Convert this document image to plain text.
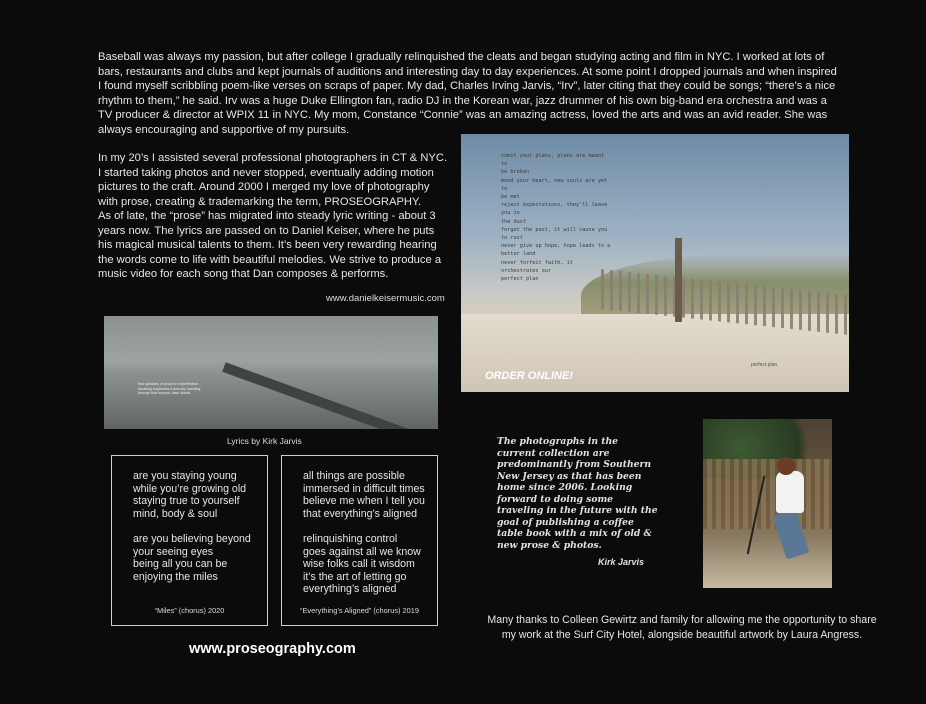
Baseball was always my passion, but after college I gradually relinquished the cleats and began studying acting and film in NYC. I worked at lots of bars, restaurants and clubs and kept journals of auditions and interesting day to day experiences. At some point I dropped journals and when inspired I found myself scribbling poem-like verses on scraps of paper. My dad, Charles Irving Jarvis, “Irv”, later citing that they could be songs; “there’s a nice rhythm to them,” he said. Irv was a huge Duke Ellington fan, radio DJ in the Korean war, jazz drummer of his own big-band era orchestra and was a TV producer & director at WPIX 11 in NYC. My mom, Constance “Connie” was an amazing actress, loved the arts and was an avid reader. She was always encouraging and supportive of my pursuits.
In my 20’s I assisted several professional photographers in CT & NYC. I started taking photos and never stopped, eventually adding motion pictures to the craft. Around 2000 I merged my love of photography with prose, creating & trademarking the term, PROSEOGRAPHY.
As of late, the “prose” has migrated into steady lyric writing - about 3 years now. The lyrics are passed on to Daniel Keiser, where he puts his magical musical talents to them. It’s been very rewarding hearing the words come to life with beautiful melodies. We strive to produce a music video for each song that Dan composes & performs.
www.danielkeisermusic.com
comit your plans, plans are meant to
be broken
mend your heart, new souls are yet to
be met
reject expectations, they'll leave you in
the dust
forget the past, it will cause you
to rust
never give up hope, hope leads to a
better land
never forfeit faith, it orchestrates our
perfect plan
ORDER ONLINE!
perfect plan
first speckles of peace in imperfection breaking brightness a sea-sky traveling through that beyond, dark clouds
Lyrics by Kirk Jarvis
are you staying young
while you’re growing old
staying true to yourself
mind, body & soul

are you believing beyond
your seeing eyes
being all you can be
enjoying the miles
“Miles” (chorus) 2020
all things are possible
immersed in difficult times
believe me when I tell you
that everything’s aligned

relinquishing control
goes against all we know
wise folks call it wisdom
it’s the art of letting go
everything’s aligned
“Everything’s Aligned” (chorus) 2019
www.proseography.com
The photographs in the current collection are predominantly from Southern New Jersey as that has been home since 2006. Looking forward to doing some traveling in the future with the goal of publishing a coffee table book with a mix of old & new prose & photos.
Kirk Jarvis
Many thanks to Colleen Gewirtz and family for allowing me the opportunity to share my work at the Surf City Hotel, alongside beautiful artwork by Laura Angress.
